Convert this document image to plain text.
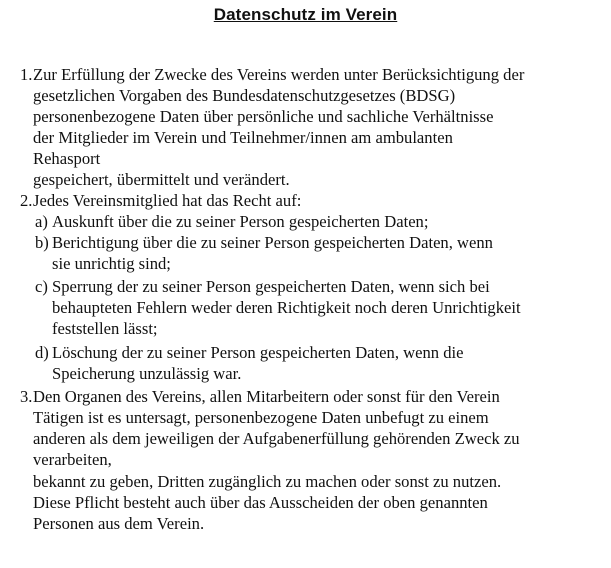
Datenschutz im Verein
1. Zur Erfüllung der Zwecke des Vereins werden unter Berücksichtigung der
gesetzlichen Vorgaben des Bundesdatenschutzgesetzes (BDSG)
personenbezogene Daten über persönliche und sachliche Verhältnisse
der Mitglieder im Verein und Teilnehmer/innen am ambulanten
Rehasport
gespeichert, übermittelt und verändert.
2. Jedes Vereinsmitglied hat das Recht auf:
a) Auskunft über die zu seiner Person gespeicherten Daten;
b) Berichtigung über die zu seiner Person gespeicherten Daten, wenn
sie unrichtig sind;
c) Sperrung der zu seiner Person gespeicherten Daten, wenn sich bei
behaupteten Fehlern weder deren Richtigkeit noch deren Unrichtigkeit
feststellen lässt;
d) Löschung der zu seiner Person gespeicherten Daten, wenn die
Speicherung unzulässig war.
3. Den Organen des Vereins, allen Mitarbeitern oder sonst für den Verein
Tätigen ist es untersagt, personenbezogene Daten unbefugt zu einem
anderen als dem jeweiligen der Aufgabenerfüllung gehörenden Zweck zu
verarbeiten,
bekannt zu geben, Dritten zugänglich zu machen oder sonst zu nutzen.
Diese Pflicht besteht auch über das Ausscheiden der oben genannten
Personen aus dem Verein.
